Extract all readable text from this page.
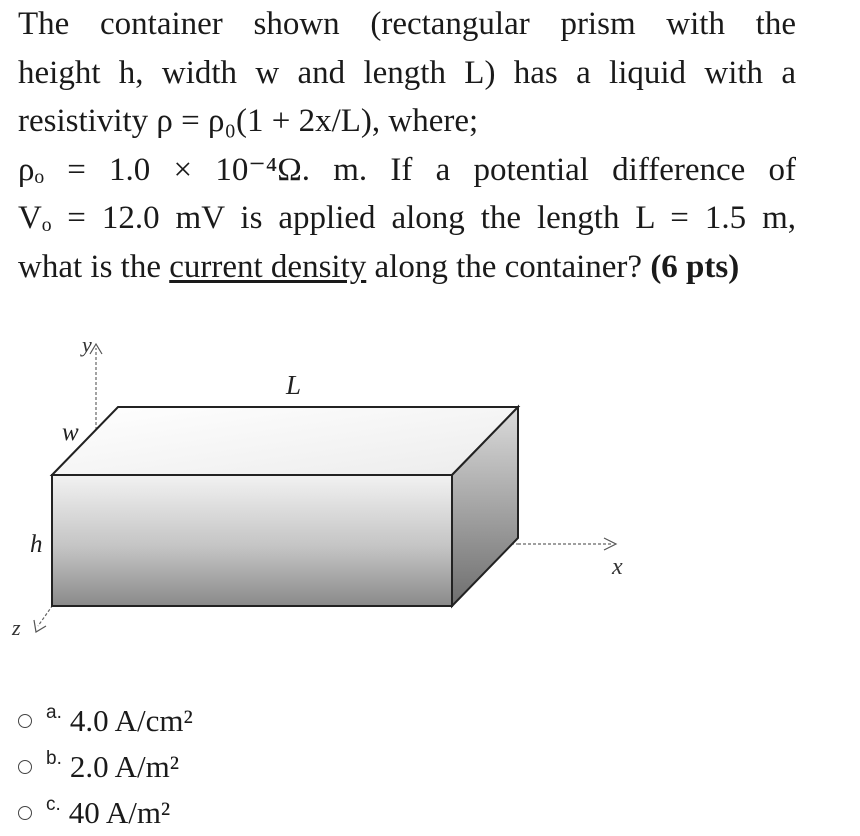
The container shown (rectangular prism with the
height h, width w and length L) has a liquid with a
resistivity ρ = ρ₀(1 + 2x/L), where;
ρₒ = 1.0 × 10⁻⁴Ω. m. If a potential difference of
Vₒ = 12.0 mV is applied along the length L = 1.5 m,
what is the current density along the container? (6 pts)
y
z
x
L
w
h
a. 4.0 A/cm²
b. 2.0 A/m²
c. 40 A/m²
